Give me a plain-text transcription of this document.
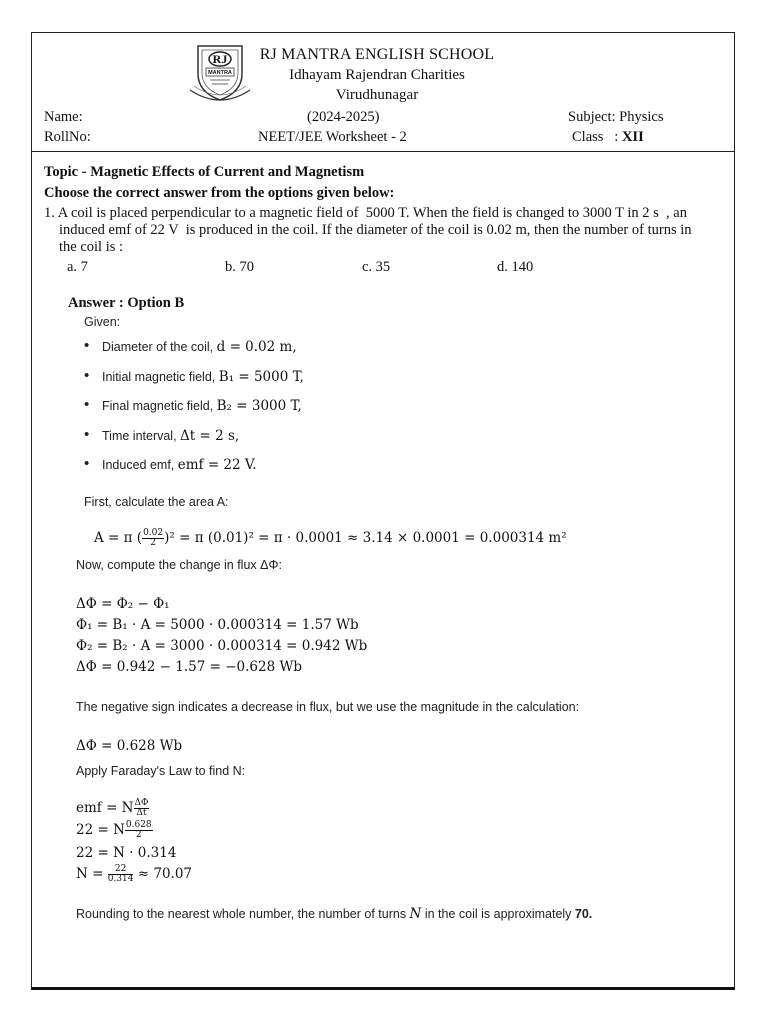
RJ
MANTRA
RJ MANTRA ENGLISH SCHOOL
Idhayam Rajendran Charities
Virudhunagar
Name:	(2024-2025)	Subject: Physics
RollNo:	NEET/JEE Worksheet - 2	Class   : XII
Topic - Magnetic Effects of Current and Magnetism
Choose the correct answer from the options given below:
1. A coil is placed perpendicular to a magnetic field of  5000 T. When the field is changed to 3000 T in 2 s  , an
induced emf of 22 V  is produced in the coil. If the diameter of the coil is 0.02 m, then the number of turns in
the coil is :
a. 7	b. 70	c. 35	d. 140
Answer : Option B
Given:
• Diameter of the coil, d = 0.02 m,
• Initial magnetic field, B₁ = 5000 T,
• Final magnetic field, B₂ = 3000 T,
• Time interval, Δt = 2 s,
• Induced emf, emf = 22 V.
First, calculate the area A:
A = π ( $\frac{0.02}{2} )^2 = \pi$ (0.01)² = π · 0.0001 ≈ 3.14 × 0.0001 = 0.000314 m²
Now, compute the change in flux ΔΦ:
ΔΦ = Φ₂ − Φ₁
Φ₁ = B₁ · A = 5000 · 0.000314 = 1.57 Wb
Φ₂ = B₂ · A = 3000 · 0.000314 = 0.942 Wb
ΔΦ = 0.942 − 1.57 = −0.628 Wb
The negative sign indicates a decrease in flux, but we use the magnitude in the calculation:
ΔΦ = 0.628 Wb
Apply Faraday's Law to find N:
emf = N $\frac{\Delta\Phi}{\Delta t}$
22 = N $\frac{0.628}{2}$
22 = N · 0.314
$N = \frac{22}{0.314} \approx 70.07$
Rounding to the nearest whole number, the number of turns N in the coil is approximately 70.
